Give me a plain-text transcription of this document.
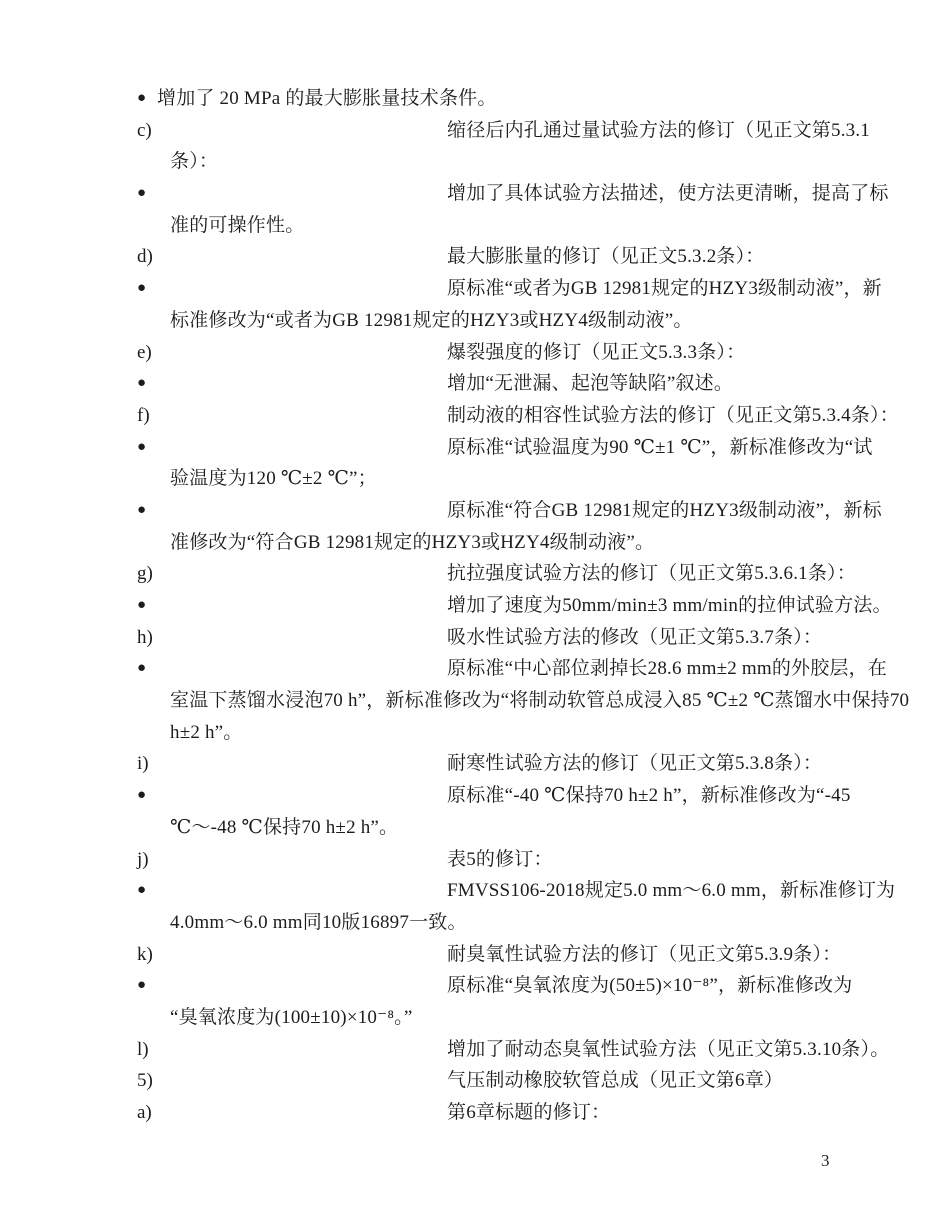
● 增加了 20 MPa 的最大膨胀量技术条件。
c)	缩径后内孔通过量试验方法的修订（见正文第5.3.1
条）：
●	增加了具体试验方法描述，使方法更清晰，提高了标
准的可操作性。
d)	最大膨胀量的修订（见正文5.3.2条）：
●	原标准“或者为GB 12981规定的HZY3级制动液”，新
标准修改为“或者为GB 12981规定的HZY3或HZY4级制动液”。
e)	爆裂强度的修订（见正文5.3.3条）：
●	增加“无泄漏、起泡等缺陷”叙述。
f)	制动液的相容性试验方法的修订（见正文第5.3.4条）：
●	原标准“试验温度为90 ℃±1 ℃”，新标准修改为“试
验温度为120 ℃±2 ℃”；
●	原标准“符合GB 12981规定的HZY3级制动液”，新标
准修改为“符合GB 12981规定的HZY3或HZY4级制动液”。
g)	抗拉强度试验方法的修订（见正文第5.3.6.1条）：
●	增加了速度为50mm/min±3 mm/min的拉伸试验方法。
h)	吸水性试验方法的修改（见正文第5.3.7条）：
●	原标准“中心部位剥掉长28.6 mm±2 mm的外胶层，在
室温下蒸馏水浸泡70 h”，新标准修改为“将制动软管总成浸入85 ℃±2 ℃蒸馏水中保持70
h±2 h”。
i)	耐寒性试验方法的修订（见正文第5.3.8条）：
●	原标准“-40 ℃保持70 h±2 h”，新标准修改为“-45
℃～-48 ℃保持70 h±2 h”。
j)	表5的修订：
●	FMVSS106-2018规定5.0 mm～6.0 mm，新标准修订为
4.0mm～6.0 mm同10版16897一致。
k)	耐臭氧性试验方法的修订（见正文第5.3.9条）：
●	原标准“臭氧浓度为(50±5)×10⁻⁸”，新标准修改为
“臭氧浓度为(100±10)×10⁻⁸。”
l)	增加了耐动态臭氧性试验方法（见正文第5.3.10条）。
5)	气压制动橡胶软管总成（见正文第6章）
a)	第6章标题的修订：
3
